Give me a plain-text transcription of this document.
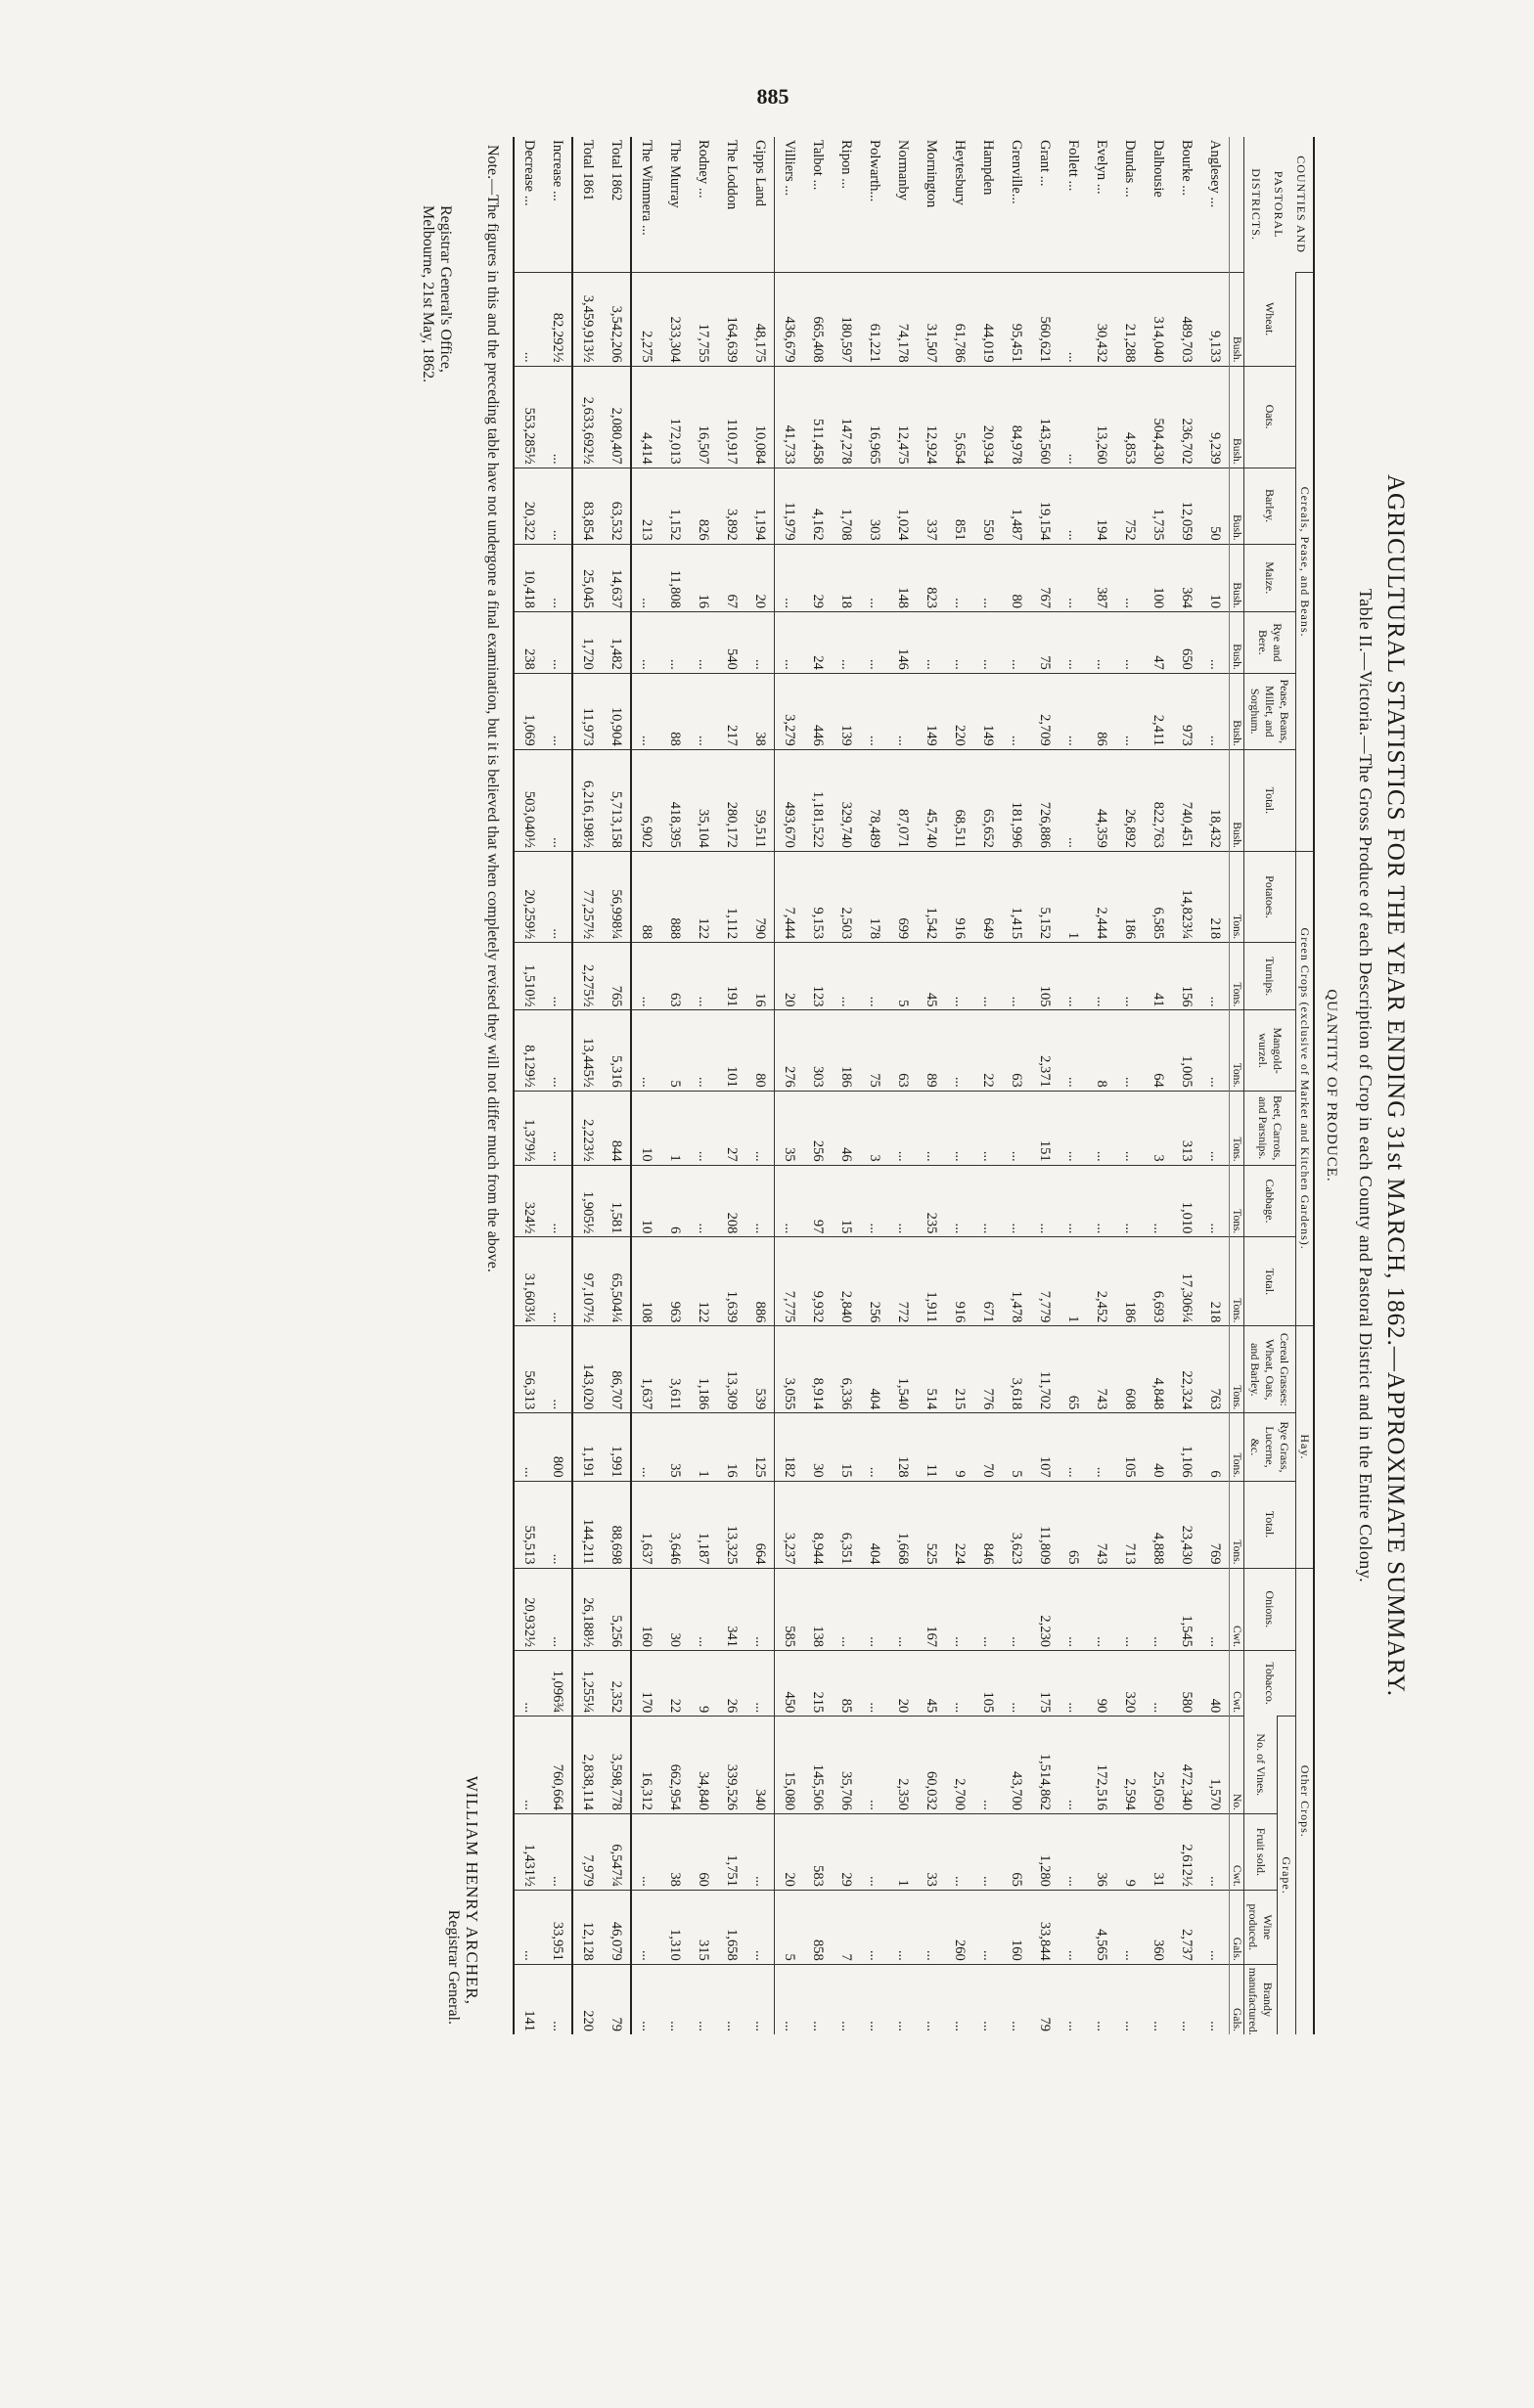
885
AGRICULTURAL STATISTICS FOR THE YEAR ENDING 31st MARCH, 1862.—APPROXIMATE SUMMARY.
Table II.—Victoria.—The Gross Produce of each Description of Crop in each County and Pastoral District and in the Entire Colony.
QUANTITY OF PRODUCE.
COUNTIES AND PASTORAL DISTRICTS.	Cereals, Pease, and Beans.							Green Crops (exclusive of Market and Kitchen Gardens).						Hay.			Other Crops.					
	Wheat.	Oats.	Barley.	Maize.	Rye and Bere.	Pease, Beans, Millet, and Sorghum.	Total.	Potatoes.	Turnips.	Mangold-wurzel.	Beet, Carrots, and Parsnips.	Cabbage.	Total.	Cereal Grasses: Wheat, Oats, and Barley.	Rye Grass, Lucerne, &c.	Total.	Onions.	Tobacco.	Grape.			
																			No. of Vines.	Fruit sold.	Wine produced.	Brandy manufactured.

	Bush.	Bush.	Bush.	Bush.	Bush.	Bush.	Bush.	Tons.	Tons.	Tons.	Tons.	Tons.	Tons.	Tons.	Tons.	Tons.	Cwt.	Cwt.	No.	Cwt.	Gals.	Gals.
Anglesey ...	9,133	9,239	50	10	...	...	18,432	218	...	...	...	...	218	763	6	769	...	40	1,570	...	...	...
Bourke ...	489,703	236,702	12,059	364	650	973	740,451	14,823¼	156	1,005	313	1,010	17,306¼	22,324	1,106	23,430	1,545	580	472,340	2,612½	2,737	...
Dalhousie	314,040	504,430	1,735	100	47	2,411	822,763	6,585	41	64	3	...	6,693	4,848	40	4,888	...	...	25,050	31	360	...
Dundas ...	21,288	4,853	752	...	...	...	26,892	186	...	...	...	...	186	608	105	713	...	320	2,594	9	...	...
Evelyn ...	30,432	13,260	194	387	...	86	44,359	2,444	...	8	...	...	2,452	743	...	743	...	90	172,516	36	4,565	...
Follett ...	...	...	...	...	...	...	...	1	...	...	...	...	1	65	...	65	...	...	...	...	...	...
Grant ...	560,621	143,560	19,154	767	75	2,709	726,886	5,152	105	2,371	151	...	7,779	11,702	107	11,809	2,230	175	1,514,862	1,280	33,844	79
Grenville...	95,451	84,978	1,487	80	...	...	181,996	1,415	...	63	...	...	1,478	3,618	5	3,623	...	...	43,700	65	160	...
Hampden	44,019	20,934	550	...	...	149	65,652	649	...	22	...	...	671	776	70	846	...	105	...	...	...	...
Heytesbury	61,786	5,654	851	...	...	220	68,511	916	...	...	...	...	916	215	9	224	...	...	2,700	...	260	...
Mornington	31,507	12,924	337	823	...	149	45,740	1,542	45	89	...	235	1,911	514	11	525	167	45	60,032	33	...	...
Normanby	74,178	12,475	1,024	148	146	...	87,071	699	5	63	...	...	772	1,540	128	1,668	...	20	2,350	1	...	...
Polwarth...	61,221	16,965	303	...	...	...	78,489	178	...	75	3	...	256	404	...	404	...	...	...	...	...	...
Ripon ...	180,597	147,278	1,708	18	...	139	329,740	2,503	...	186	46	15	2,840	6,336	15	6,351	...	85	35,706	29	7	...
Talbot ...	665,408	511,458	4,162	29	24	446	1,181,522	9,153	123	303	256	97	9,932	8,914	30	8,944	138	215	145,506	583	858	...
Villiers ...	436,679	41,733	11,979	...	...	3,279	493,670	7,444	20	276	35	...	7,775	3,055	182	3,237	585	450	15,080	20	5	...
Gipps Land	48,175	10,084	1,194	20	...	38	59,511	790	16	80	...	...	886	539	125	664	...	...	340	...	...	...
The Loddon	164,639	110,917	3,892	67	540	217	280,172	1,112	191	101	27	208	1,639	13,309	16	13,325	341	26	339,526	1,751	1,658	...
Rodney ...	17,755	16,507	826	16	...	...	35,104	122	...	...	...	...	122	1,186	1	1,187	...	9	34,840	60	315	...
The Murray	233,304	172,013	1,152	11,808	...	88	418,395	888	63	5	1	6	963	3,611	35	3,646	30	22	662,954	38	1,310	...
The Wimmera ...	2,275	4,414	213	...	...	...	6,902	88	...	...	10	10	108	1,637	...	1,637	160	170	16,312	...	...	...
Total 1862	3,542,206	2,080,407	63,532	14,637	1,482	10,904	5,713,158	56,998¼	765	5,316	844	1,581	65,504¼	86,707	1,991	88,698	5,256	2,352	3,598,778	6,547¼	46,079	79
Total 1861	3,459,913½	2,633,692½	83,854	25,045	1,720	11,973	6,216,198½	77,257½	2,275½	13,445½	2,223½	1,905½	97,107½	143,020	1,191	144,211	26,188½	1,255¼	2,838,114	7,979	12,128	220
Increase ...	82,292½	...	...	...	...	...	...	...	...	...	...	...	...	...	800	...	...	1,096¾	760,664	...	33,951	...
Decrease ...	...	553,285½	20,322	10,418	238	1,069	503,040½	20,259½	1,510½	8,129½	1,379½	324½	31,603¼	56,313	...	55,513	20,932½	...	...	1,431½	...	141
Note.—The figures in this and the preceding table have not undergone a final examination, but it is believed that when completely revised they will not differ much from the above.
WILLIAM HENRY ARCHER,
Registrar General.
Registrar General's Office,
Melbourne, 21st May, 1862.
